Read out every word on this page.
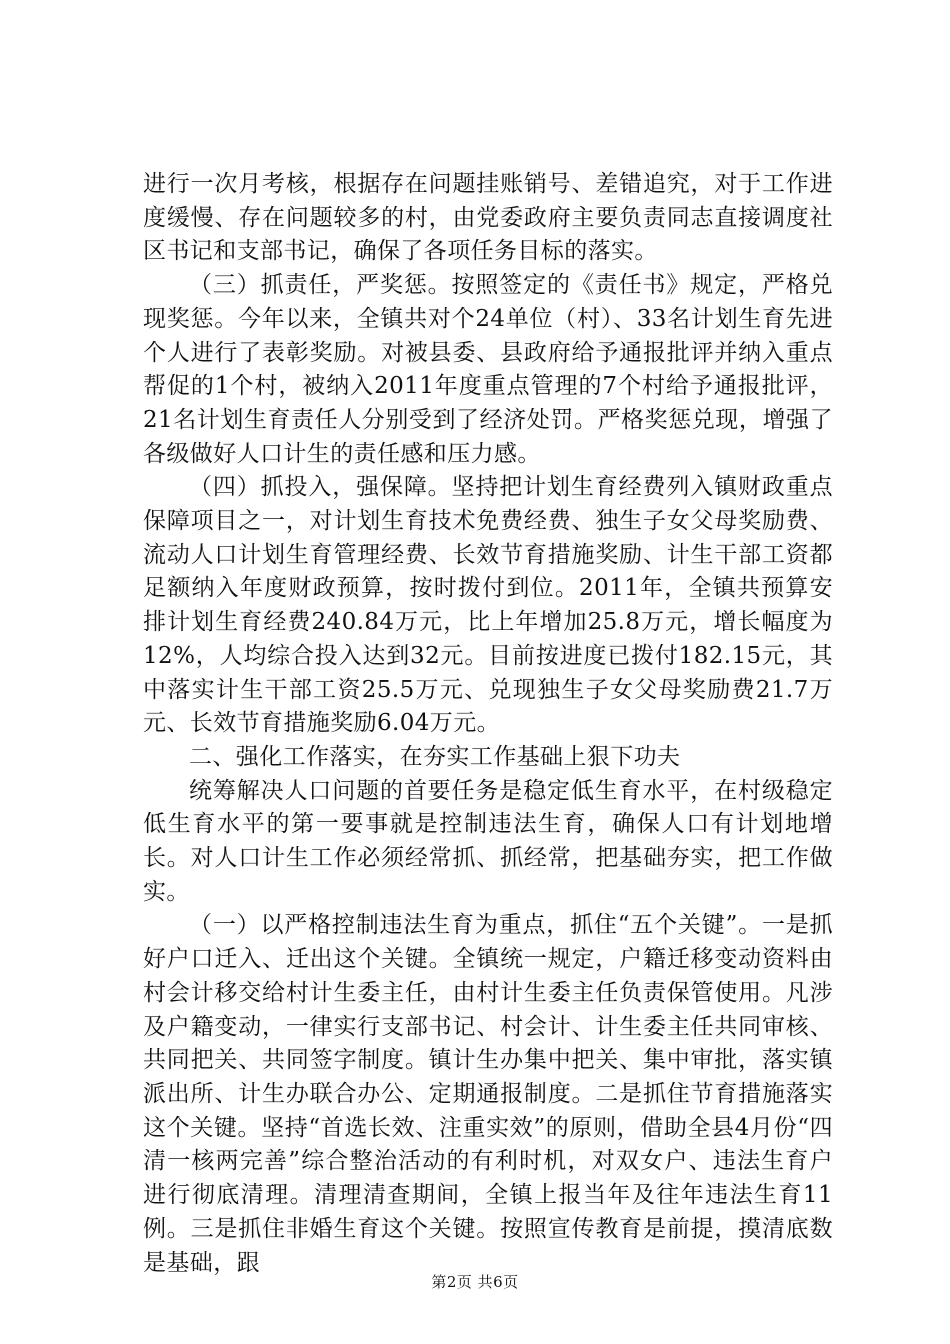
进行一次月考核，根据存在问题挂账销号、差错追究，对于工作进度缓慢、存在问题较多的村，由党委政府主要负责同志直接调度社区书记和支部书记，确保了各项任务目标的落实。

（三）抓责任，严奖惩。按照签定的《责任书》规定，严格兑现奖惩。今年以来，全镇共对个24单位（村）、33名计划生育先进个人进行了表彰奖励。对被县委、县政府给予通报批评并纳入重点帮促的1个村，被纳入2011年度重点管理的7个村给予通报批评，21名计划生育责任人分别受到了经济处罚。严格奖惩兑现，增强了各级做好人口计生的责任感和压力感。

（四）抓投入，强保障。坚持把计划生育经费列入镇财政重点保障项目之一，对计划生育技术免费经费、独生子女父母奖励费、流动人口计划生育管理经费、长效节育措施奖励、计生干部工资都足额纳入年度财政预算，按时拨付到位。2011年，全镇共预算安排计划生育经费240.84万元，比上年增加25.8万元，增长幅度为12%，人均综合投入达到32元。目前按进度已拨付182.15元，其中落实计生干部工资25.5万元、兑现独生子女父母奖励费21.7万元、长效节育措施奖励6.04万元。

二、强化工作落实，在夯实工作基础上狠下功夫

统筹解决人口问题的首要任务是稳定低生育水平，在村级稳定低生育水平的第一要事就是控制违法生育，确保人口有计划地增长。对人口计生工作必须经常抓、抓经常，把基础夯实，把工作做实。

（一）以严格控制违法生育为重点，抓住“五个关键”。一是抓好户口迁入、迁出这个关键。全镇统一规定，户籍迁移变动资料由村会计移交给村计生委主任，由村计生委主任负责保管使用。凡涉及户籍变动，一律实行支部书记、村会计、计生委主任共同审核、共同把关、共同签字制度。镇计生办集中把关、集中审批，落实镇派出所、计生办联合办公、定期通报制度。二是抓住节育措施落实这个关键。坚持“首选长效、注重实效”的原则，借助全县4月份“四清一核两完善”综合整治活动的有利时机，对双女户、违法生育户进行彻底清理。清理清查期间，全镇上报当年及往年违法生育11例。三是抓住非婚生育这个关键。按照宣传教育是前提，摸清底数是基础，跟

第2页 共6页
